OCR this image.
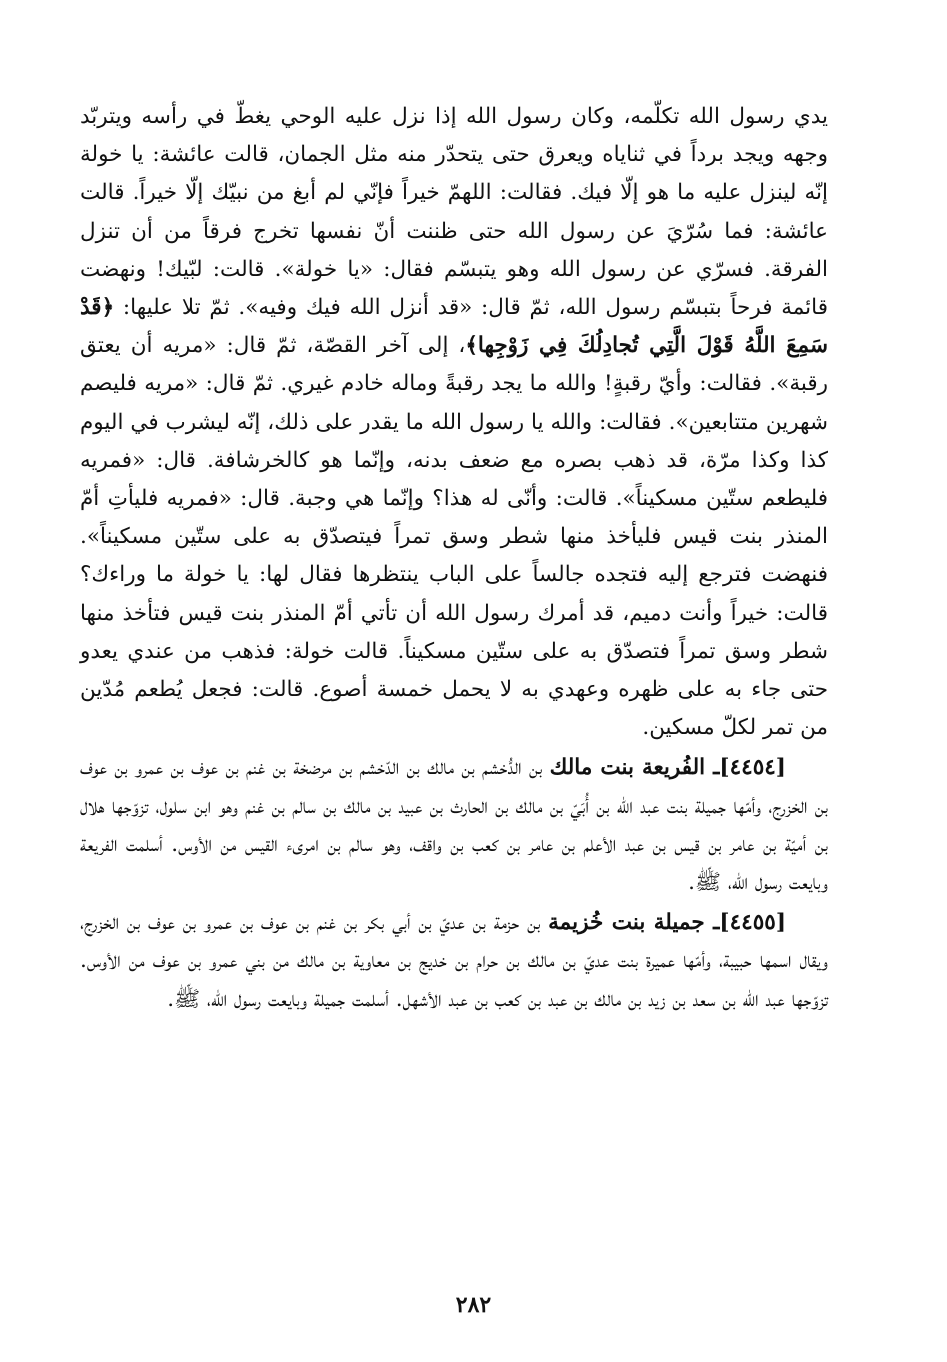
يدي رسول الله تكلّمه، وكان رسول الله إذا نزل عليه الوحي يغطّ في رأسه ويتربّد وجهه ويجد برداً في ثناياه ويعرق حتى يتحدّر منه مثل الجمان، قالت عائشة: يا خولة إنّه لينزل عليه ما هو إلّا فيك. فقالت: اللهمّ خيراً فإنّي لم أبغ من نبيّك إلّا خيراً. قالت عائشة: فما سُرّيَ عن رسول الله حتى ظننت أنّ نفسها تخرج فرقاً من أن تنزل الفرقة. فسرّي عن رسول الله وهو يتبسّم فقال: «يا خولة». قالت: لبّيك! ونهضت قائمة فرحاً بتبسّم رسول الله، ثمّ قال: «قد أنزل الله فيك وفيه». ثمّ تلا عليها: ﴿قَدْ سَمِعَ اللَّهُ قَوْلَ الَّتِي تُجادِلُكَ فِي زَوْجِها﴾، إلى آخر القصّة، ثمّ قال: «مريه أن يعتق رقبة». فقالت: وأيّ رقبةٍ! والله ما يجد رقبةً وماله خادم غيري. ثمّ قال: «مريه فليصم شهرين متتابعين». فقالت: والله يا رسول الله ما يقدر على ذلك، إنّه ليشرب في اليوم كذا وكذا مرّة، قد ذهب بصره مع ضعف بدنه، وإنّما هو كالخرشافة. قال: «فمريه فليطعم ستّين مسكيناً». قالت: وأنّى له هذا؟ وإنّما هي وجبة. قال: «فمريه فليأتِ أمّ المنذر بنت قيس فليأخذ منها شطر وسق تمراً فيتصدّق به على ستّين مسكيناً». فنهضت فترجع إليه فتجده جالساً على الباب ينتظرها فقال لها: يا خولة ما وراءك؟ قالت: خيراً وأنت دميم، قد أمرك رسول الله أن تأتي أمّ المنذر بنت قيس فتأخذ منها شطر وسق تمراً فتصدّق به على ستّين مسكيناً. قالت خولة: فذهب من عندي يعدو حتى جاء به على ظهره وعهدي به لا يحمل خمسة أصوع. قالت: فجعل يُطعم مُدّين من تمر لكلّ مسكين.

[٤٤٥٤]ـ الفُريعة بنت مالك بن الدُّخشم بن مالك بن الدّخشم بن مرضخة بن غنم بن عوف بن عمرو بن عوف بن الخزرج، وأمّها جميلة بنت عبد الله بن أُبَيّ بن مالك بن الحارث بن عبيد بن مالك بن سالم بن غنم وهو ابن سلول، تزوّجها هلال بن أميّة بن عامر بن قيس بن عبد الأعلم بن عامر بن كعب بن واقف، وهو سالم بن امرىء القيس من الأوس. أسلمت الفريعة وبايعت رسول الله، ﷺ.

[٤٤٥٥]ـ جميلة بنت خُزيمة بن حزمة بن عديّ بن أبي بكر بن غنم بن عوف بن عمرو بن عوف بن الخزرج، ويقال اسمها حبيبة، وأمّها عميرة بنت عديّ بن مالك بن حرام بن خديج بن معاوية بن مالك من بني عمرو بن عوف من الأوس. تزوّجها عبد الله بن سعد بن زيد بن مالك بن عبد بن كعب بن عبد الأشهل. أسلمت جميلة وبايعت رسول الله، ﷺ.

٢٨٢
